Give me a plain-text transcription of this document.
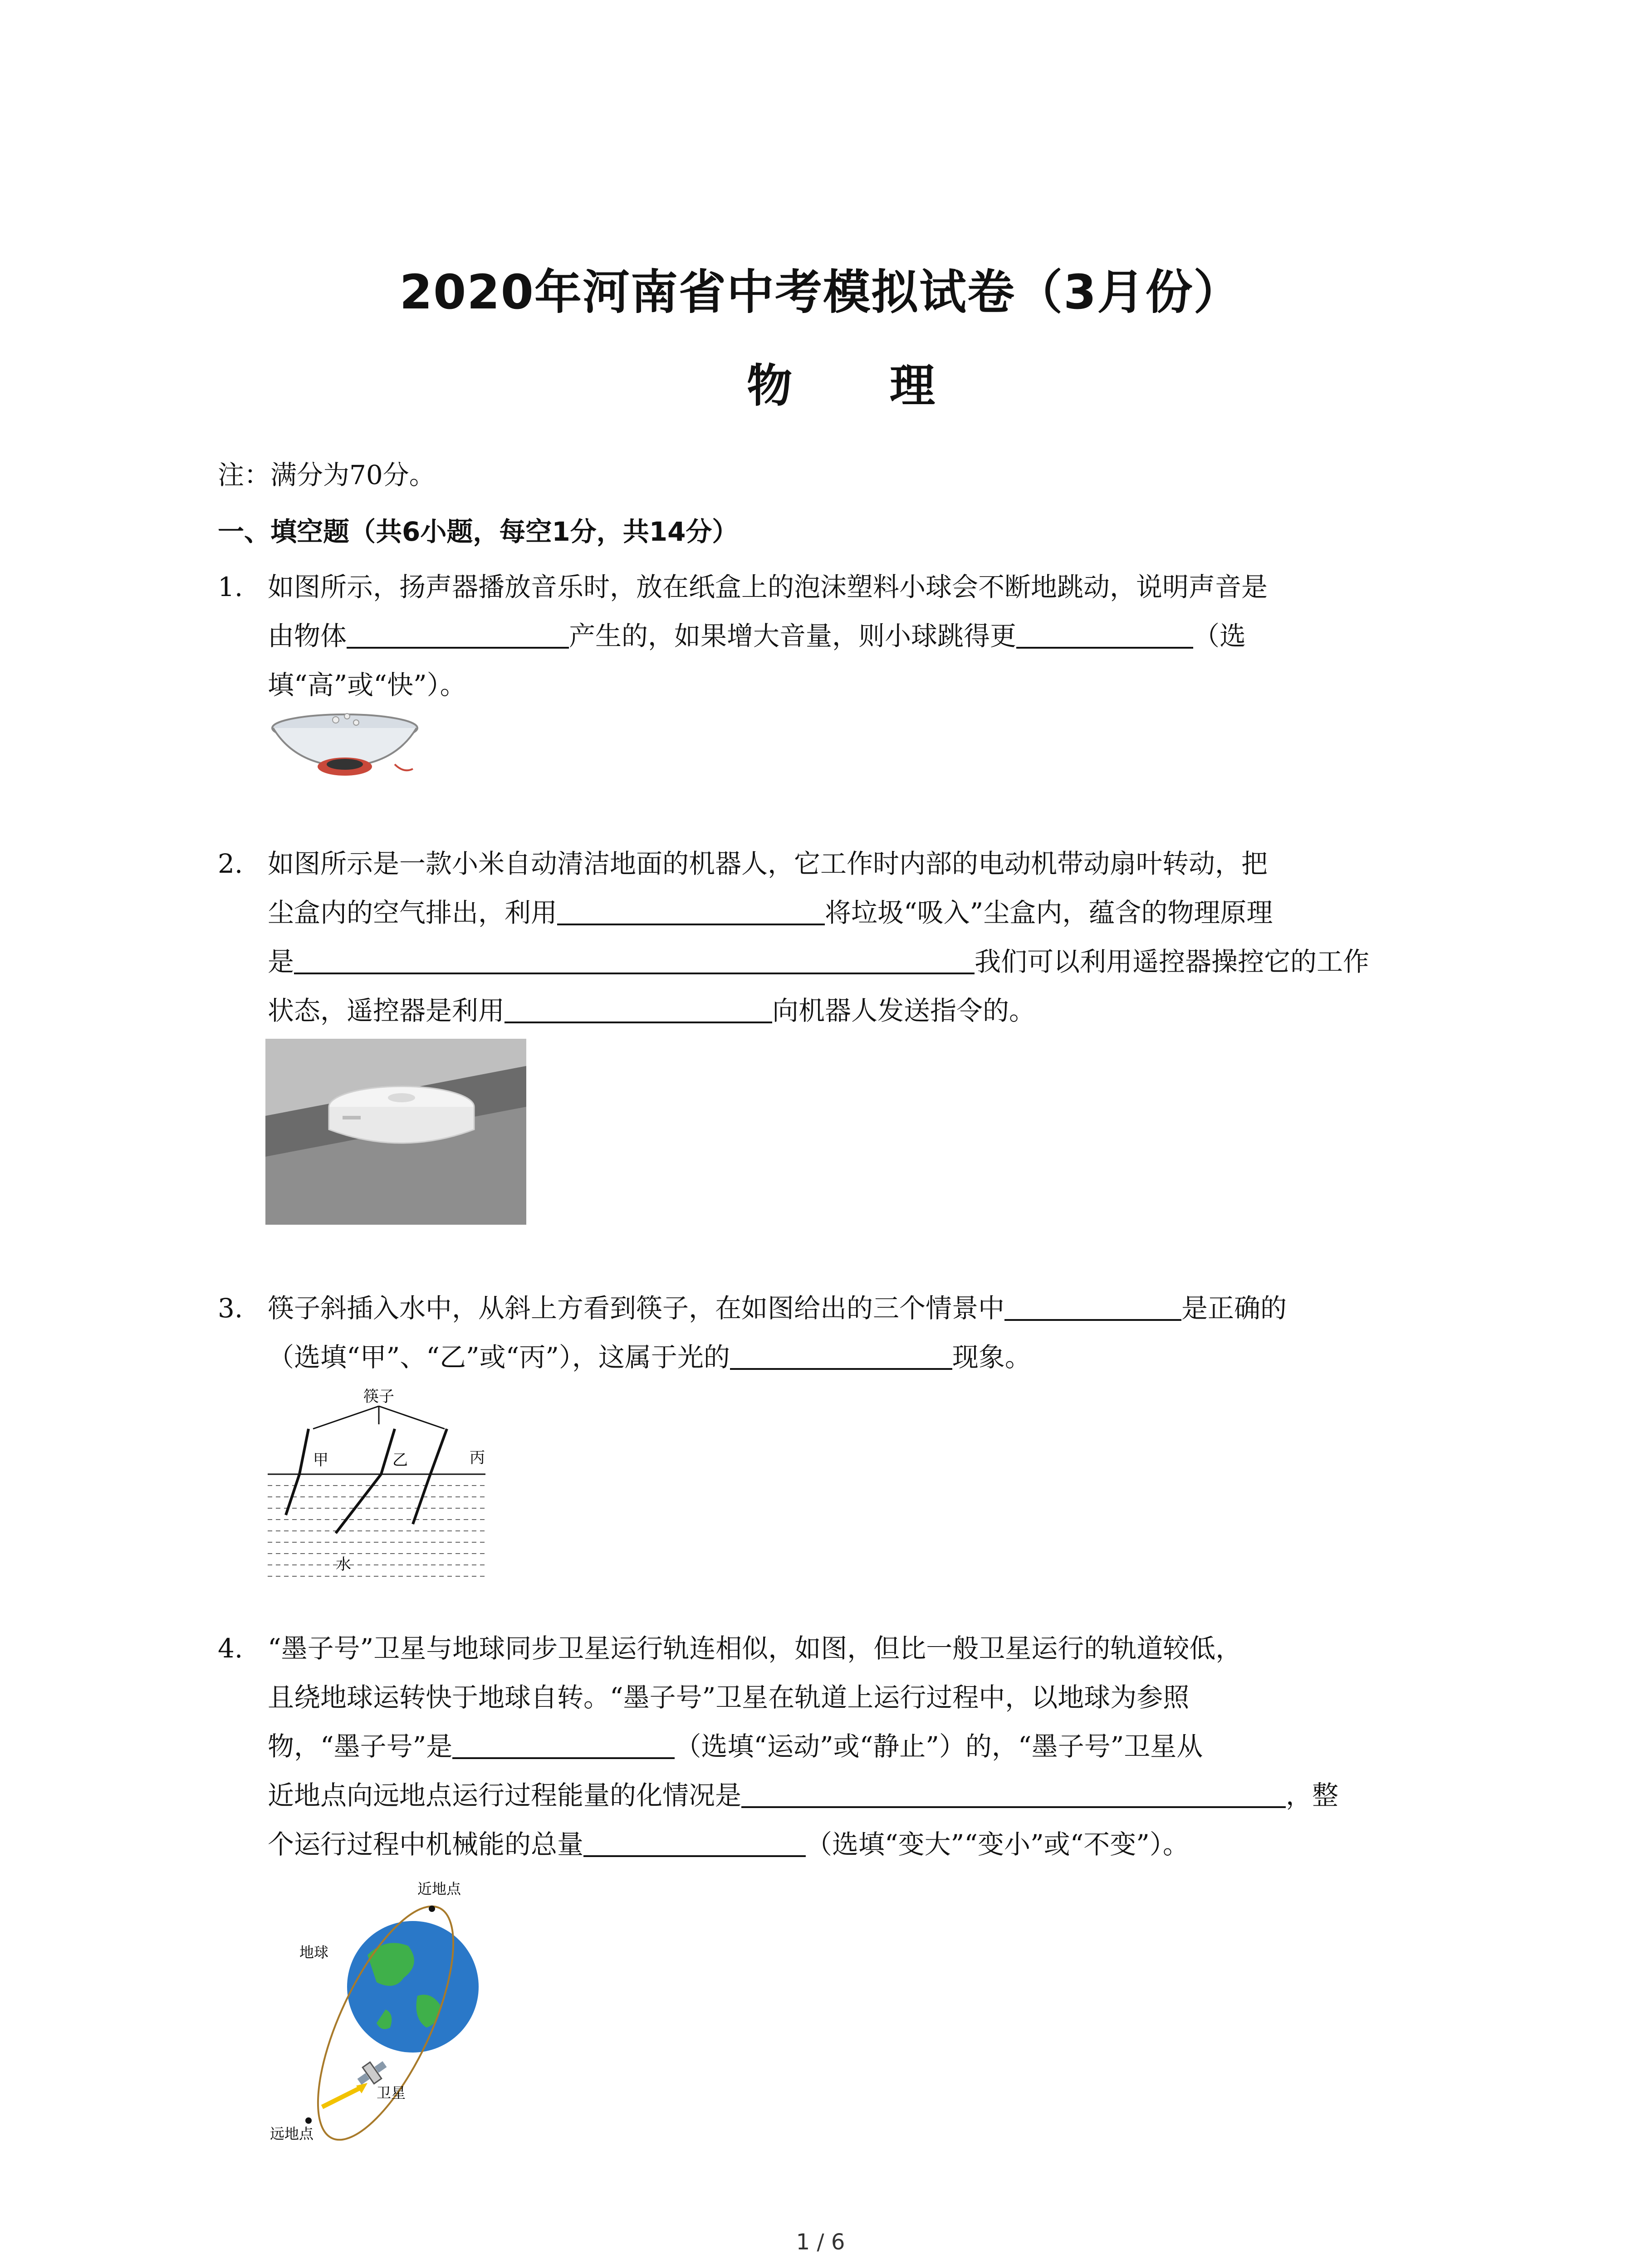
2020年河南省中考模拟试卷（3月份）
物 理
注：满分为70分。
一、填空题（共6小题，每空1分，共14分）
1. 如图所示，扬声器播放音乐时，放在纸盒上的泡沫塑料小球会不断地跳动，说明声音是
由物体	产生的，如果增大音量，则小球跳得更	（选
填“高”或“快”）。
2. 如图所示是一款小米自动清洁地面的机器人，它工作时内部的电动机带动扇叶转动，把
尘盒内的空气排出，利用	将垃圾“吸入”尘盒内，蕴含的物理原理
是	我们可以利用遥控器操控它的工作
状态，遥控器是利用	向机器人发送指令的。
3. 筷子斜插入水中，从斜上方看到筷子，在如图给出的三个情景中	是正确的
（选填“甲”、“乙”或“丙”），这属于光的	现象。
筷子
甲	乙	丙
水
4. “墨子号”卫星与地球同步卫星运行轨连相似，如图，但比一般卫星运行的轨道较低，
且绕地球运转快于地球自转。“墨子号”卫星在轨道上运行过程中，以地球为参照
物，“墨子号”是	（选填“运动”或“静止”）的，“墨子号”卫星从
近地点向远地点运行过程能量的化情况是	，整
个运行过程中机械能的总量	（选填“变大”“变小”或“不变”）。
近地点
地球
卫星
远地点
1 / 6
